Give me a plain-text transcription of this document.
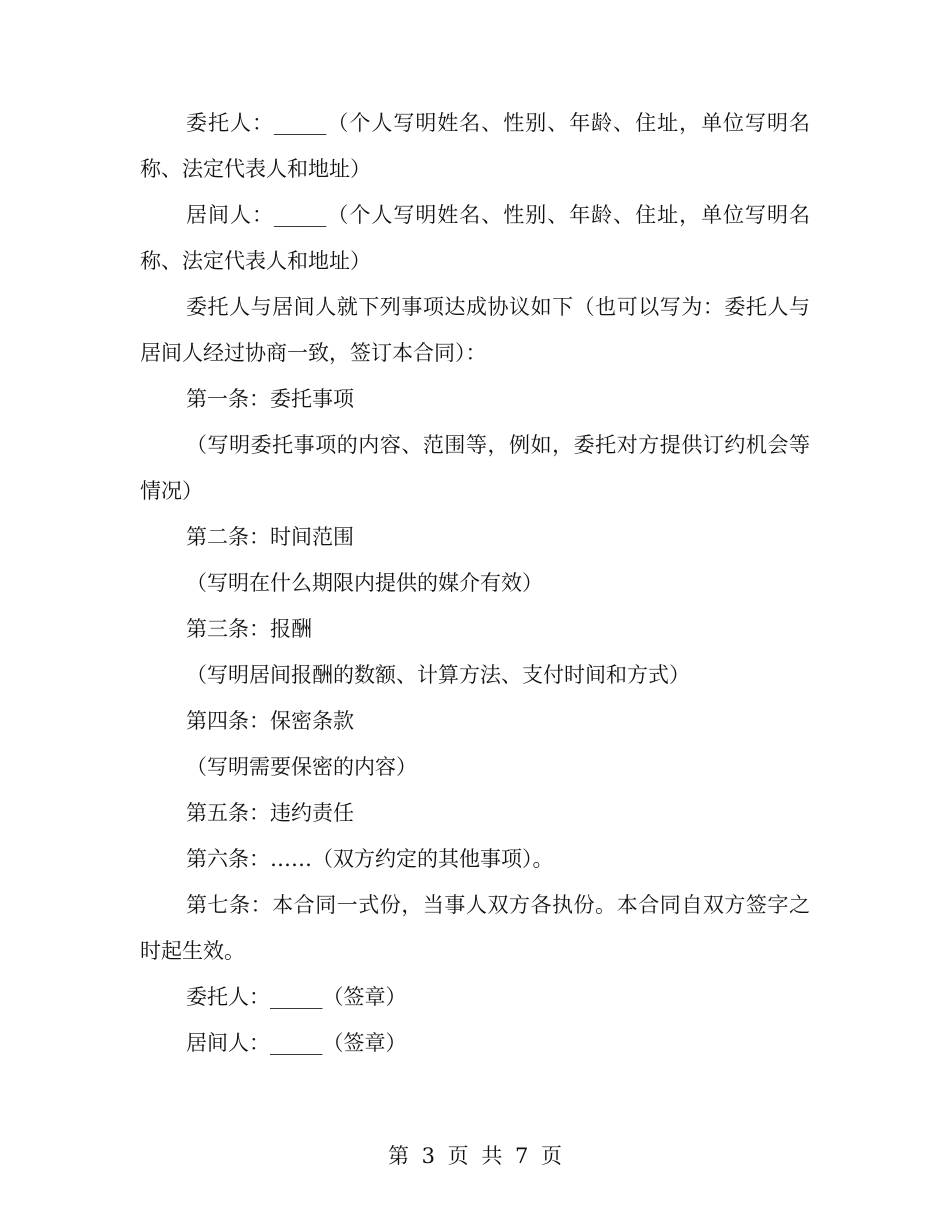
委托人：_____（个人写明姓名、性别、年龄、住址，单位写明名称、法定代表人和地址）

居间人：_____（个人写明姓名、性别、年龄、住址，单位写明名称、法定代表人和地址）

委托人与居间人就下列事项达成协议如下（也可以写为：委托人与居间人经过协商一致，签订本合同）：

第一条：委托事项

（写明委托事项的内容、范围等，例如，委托对方提供订约机会等情况）

第二条：时间范围

（写明在什么期限内提供的媒介有效）

第三条：报酬

（写明居间报酬的数额、计算方法、支付时间和方式）

第四条：保密条款

（写明需要保密的内容）

第五条：违约责任

第六条：……（双方约定的其他事项）。

第七条：本合同一式份，当事人双方各执份。本合同自双方签字之时起生效。

委托人：_____（签章）

居间人：_____（签章）

第 3 页 共 7 页
